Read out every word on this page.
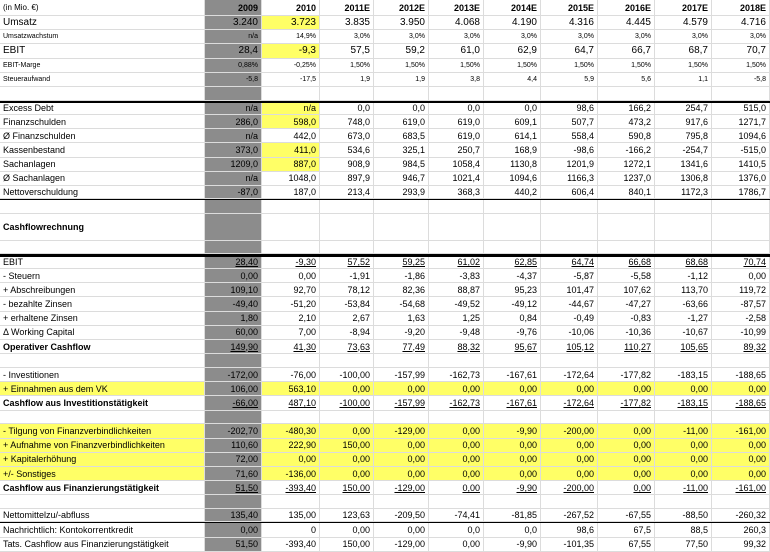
(in Mio. €)	2009	2010	2011E	2012E	2013E	2014E	2015E	2016E	2017E	2018E
Umsatz	3.240	3.723	3.835	3.950	4.068	4.190	4.316	4.445	4.579	4.716
Umsatzwachstum	n/a	14,9%	3,0%	3,0%	3,0%	3,0%	3,0%	3,0%	3,0%	3,0%
EBIT	28,4	-9,3	57,5	59,2	61,0	62,9	64,7	66,7	68,7	70,7
EBIT-Marge	0,88%	-0,25%	1,50%	1,50%	1,50%	1,50%	1,50%	1,50%	1,50%	1,50%
Steueraufwand	-5,8	-17,5	1,9	1,9	3,8	4,4	5,9	5,6	1,1	-5,8
Excess Debt	n/a	n/a	0,0	0,0	0,0	0,0	98,6	166,2	254,7	515,0
Finanzschulden	286,0	598,0	748,0	619,0	619,0	609,1	507,7	473,2	917,6	1271,7
Ø Finanzschulden	n/a	442,0	673,0	683,5	619,0	614,1	558,4	590,8	795,8	1094,6
Kassenbestand	373,0	411,0	534,6	325,1	250,7	168,9	-98,6	-166,2	-254,7	-515,0
Sachanlagen	1209,0	887,0	908,9	984,5	1058,4	1130,8	1201,9	1272,1	1341,6	1410,5
Ø Sachanlagen	n/a	1048,0	897,9	946,7	1021,4	1094,6	1166,3	1237,0	1306,8	1376,0
Nettoverschuldung	-87,0	187,0	213,4	293,9	368,3	440,2	606,4	840,1	1172,3	1786,7
Cashflowrechnung
EBIT	28,40	-9,30	57,52	59,25	61,02	62,85	64,74	66,68	68,68	70,74
- Steuern	0,00	0,00	-1,91	-1,86	-3,83	-4,37	-5,87	-5,58	-1,12	0,00
+ Abschreibungen	109,10	92,70	78,12	82,36	88,87	95,23	101,47	107,62	113,70	119,72
- bezahlte Zinsen	-49,40	-51,20	-53,84	-54,68	-49,52	-49,12	-44,67	-47,27	-63,66	-87,57
+ erhaltene Zinsen	1,80	2,10	2,67	1,63	1,25	0,84	-0,49	-0,83	-1,27	-2,58
Δ Working Capital	60,00	7,00	-8,94	-9,20	-9,48	-9,76	-10,06	-10,36	-10,67	-10,99
Operativer Cashflow	149,90	41,30	73,63	77,49	88,32	95,67	105,12	110,27	105,65	89,32
- Investitionen	-172,00	-76,00	-100,00	-157,99	-162,73	-167,61	-172,64	-177,82	-183,15	-188,65
+ Einnahmen aus dem VK	106,00	563,10	0,00	0,00	0,00	0,00	0,00	0,00	0,00	0,00
Cashflow aus Investitionstätigkeit	-66,00	487,10	-100,00	-157,99	-162,73	-167,61	-172,64	-177,82	-183,15	-188,65
- Tilgung von Finanzverbindlichkeiten	-202,70	-480,30	0,00	-129,00	0,00	-9,90	-200,00	0,00	-11,00	-161,00
+ Aufnahme von Finanzverbindlichkeiten	110,60	222,90	150,00	0,00	0,00	0,00	0,00	0,00	0,00	0,00
+ Kapitalerhöhung	72,00	0,00	0,00	0,00	0,00	0,00	0,00	0,00	0,00	0,00
+/- Sonstiges	71,60	-136,00	0,00	0,00	0,00	0,00	0,00	0,00	0,00	0,00
Cashflow aus Finanzierungstätigkeit	51,50	-393,40	150,00	-129,00	0,00	-9,90	-200,00	0,00	-11,00	-161,00
Nettomittelzu/-abfluss	135,40	135,00	123,63	-209,50	-74,41	-81,85	-267,52	-67,55	-88,50	-260,32
Nachrichtlich: Kontokorrentkredit	0,00	0	0,00	0,00	0,0	0,0	98,6	67,5	88,5	260,3
Tats. Cashflow aus Finanzierungstätigkeit	51,50	-393,40	150,00	-129,00	0,00	-9,90	-101,35	67,55	77,50	99,32
